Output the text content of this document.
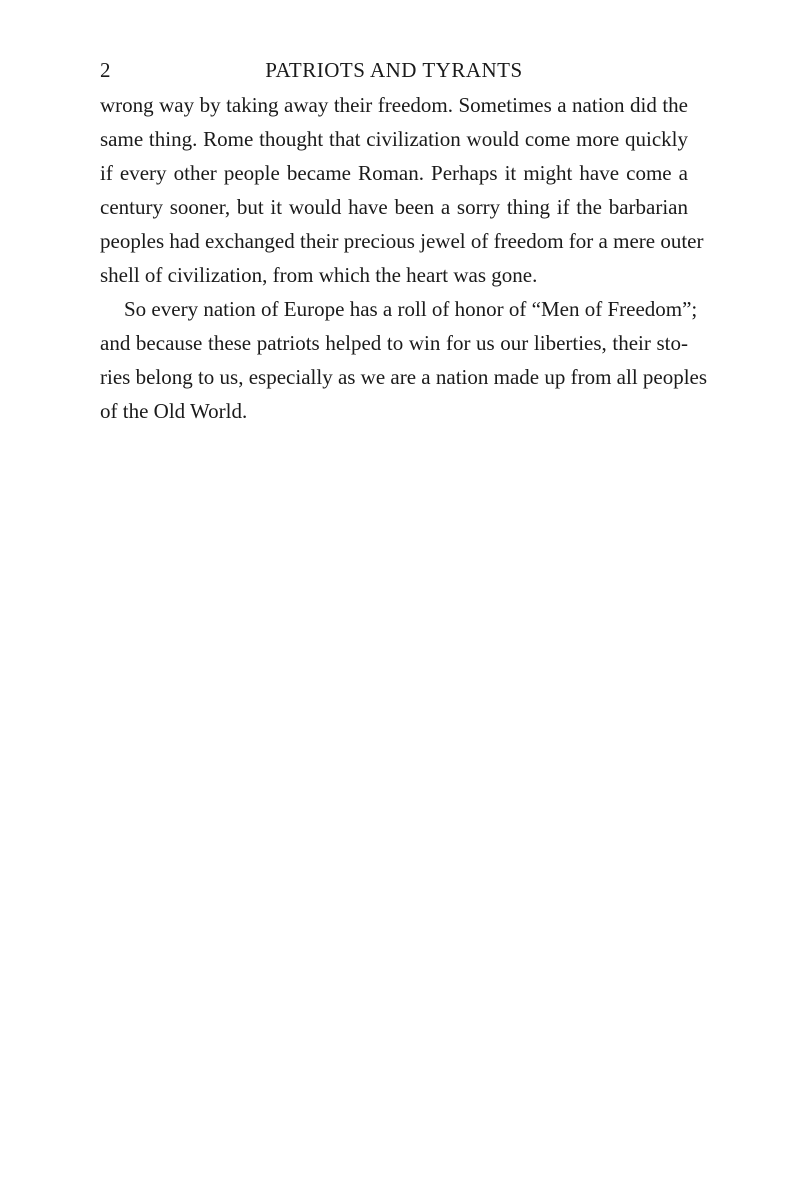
2	PATRIOTS AND TYRANTS
wrong way by taking away their freedom. Sometimes a nation did the
same thing. Rome thought that civilization would come more quickly
if every other people became Roman. Perhaps it might have come a
century sooner, but it would have been a sorry thing if the barbarian
peoples had exchanged their precious jewel of freedom for a mere outer
shell of civilization, from which the heart was gone.
So every nation of Europe has a roll of honor of “Men of Freedom”;
and because these patriots helped to win for us our liberties, their sto-
ries belong to us, especially as we are a nation made up from all peoples
of the Old World.
